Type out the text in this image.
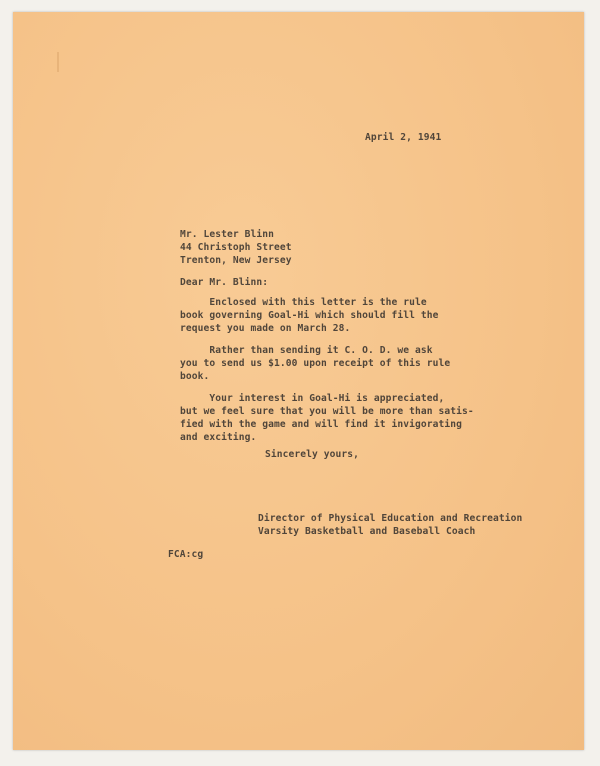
April 2, 1941

Mr. Lester Blinn

44 Christoph Street

Trenton, New Jersey

Dear Mr. Blinn:

Enclosed with this letter is the rule

book governing Goal-Hi which should fill the

request you made on March 28.

Rather than sending it C. O. D. we ask

you to send us $1.00 upon receipt of this rule

book.

Your interest in Goal-Hi is appreciated,

but we feel sure that you will be more than satis-

fied with the game and will find it invigorating

and exciting.

Sincerely yours,

Director of Physical Education and Recreation

Varsity Basketball and Baseball Coach

FCA:cg
